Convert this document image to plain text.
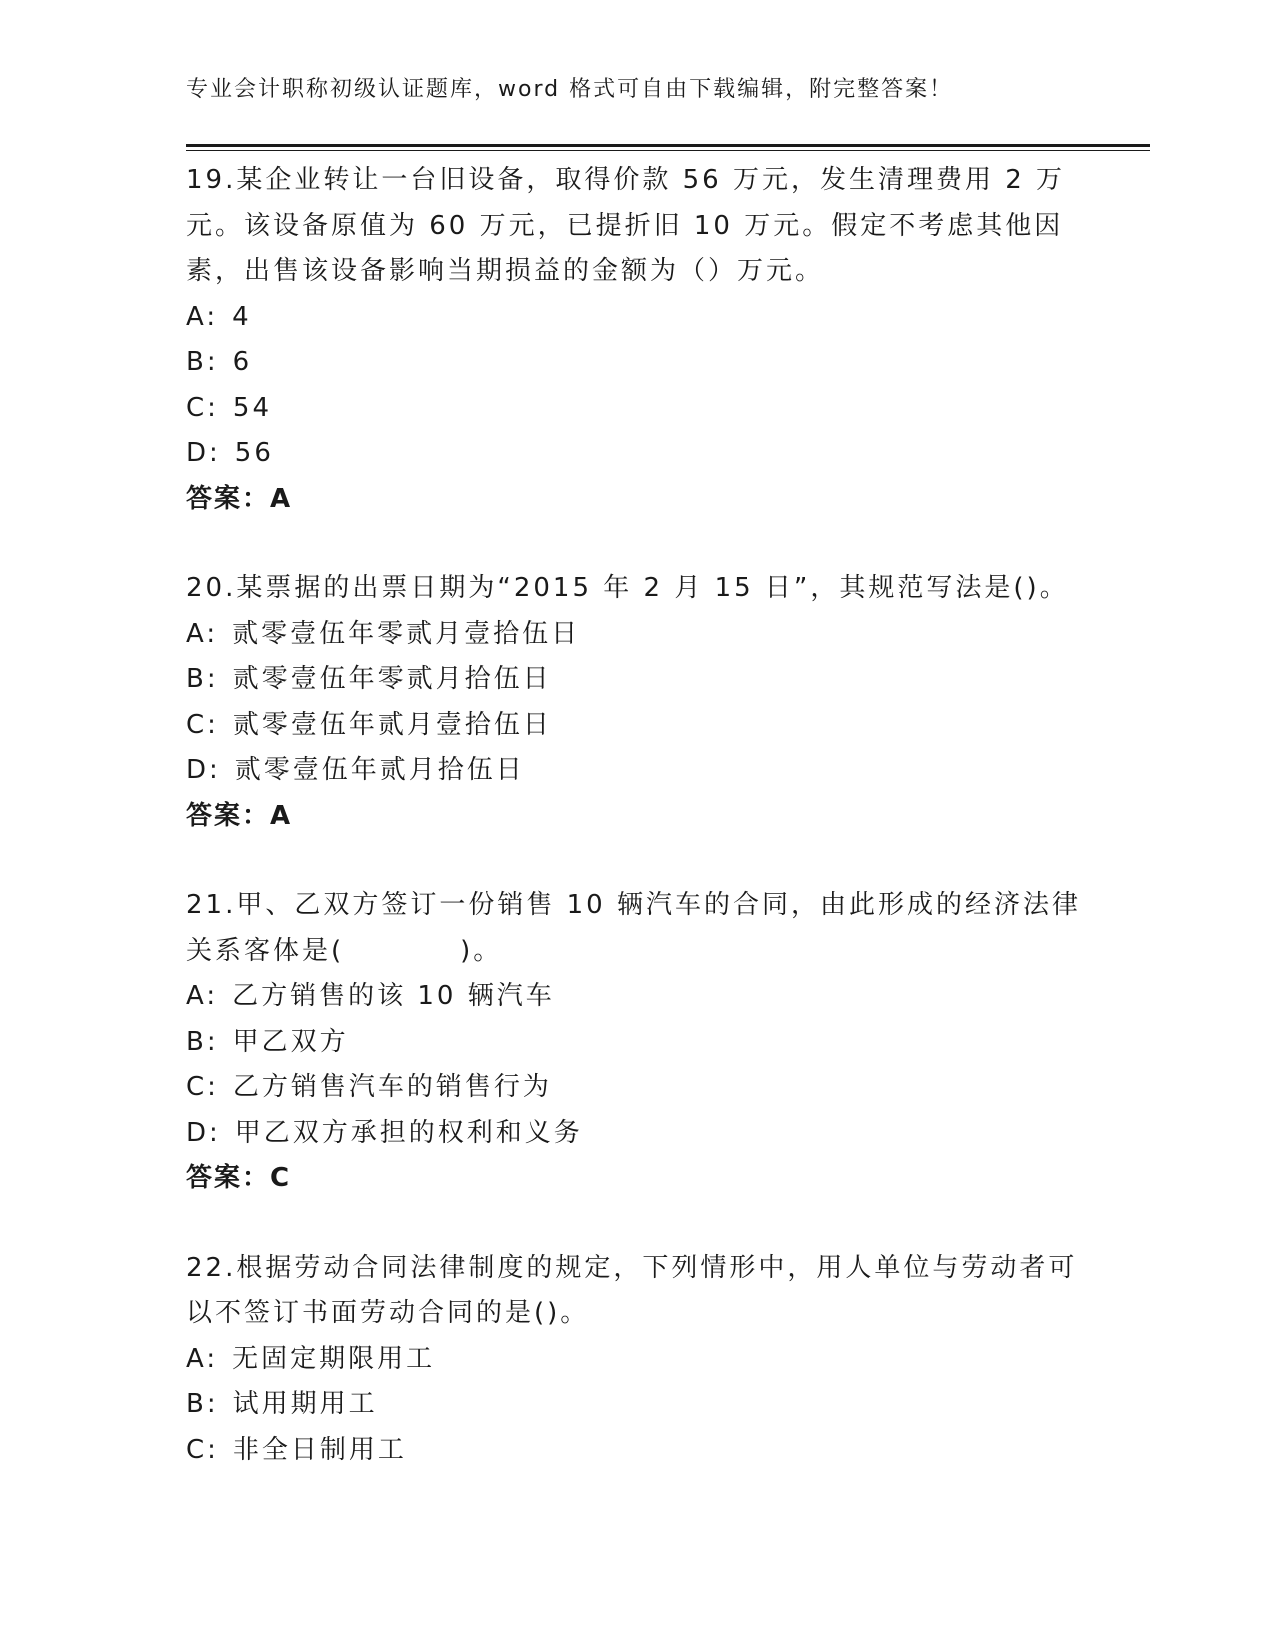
专业会计职称初级认证题库，word 格式可自由下载编辑，附完整答案！

19.某企业转让一台旧设备，取得价款 56 万元，发生清理费用 2 万元。该设备原值为 60 万元，已提折旧 10 万元。假定不考虑其他因素，出售该设备影响当期损益的金额为（）万元。

A: 4
B: 6
C: 54
D: 56
答案：A

20.某票据的出票日期为“2015 年 2 月 15 日”，其规范写法是()。

A: 贰零壹伍年零贰月壹拾伍日
B: 贰零壹伍年零贰月拾伍日
C: 贰零壹伍年贰月壹拾伍日
D: 贰零壹伍年贰月拾伍日
答案：A

21.甲、乙双方签订一份销售 10 辆汽车的合同，由此形成的经济法律关系客体是(　　　　)。

A: 乙方销售的该 10 辆汽车
B: 甲乙双方
C: 乙方销售汽车的销售行为
D: 甲乙双方承担的权利和义务
答案：C

22.根据劳动合同法律制度的规定，下列情形中，用人单位与劳动者可以不签订书面劳动合同的是()。

A: 无固定期限用工
B: 试用期用工
C: 非全日制用工
